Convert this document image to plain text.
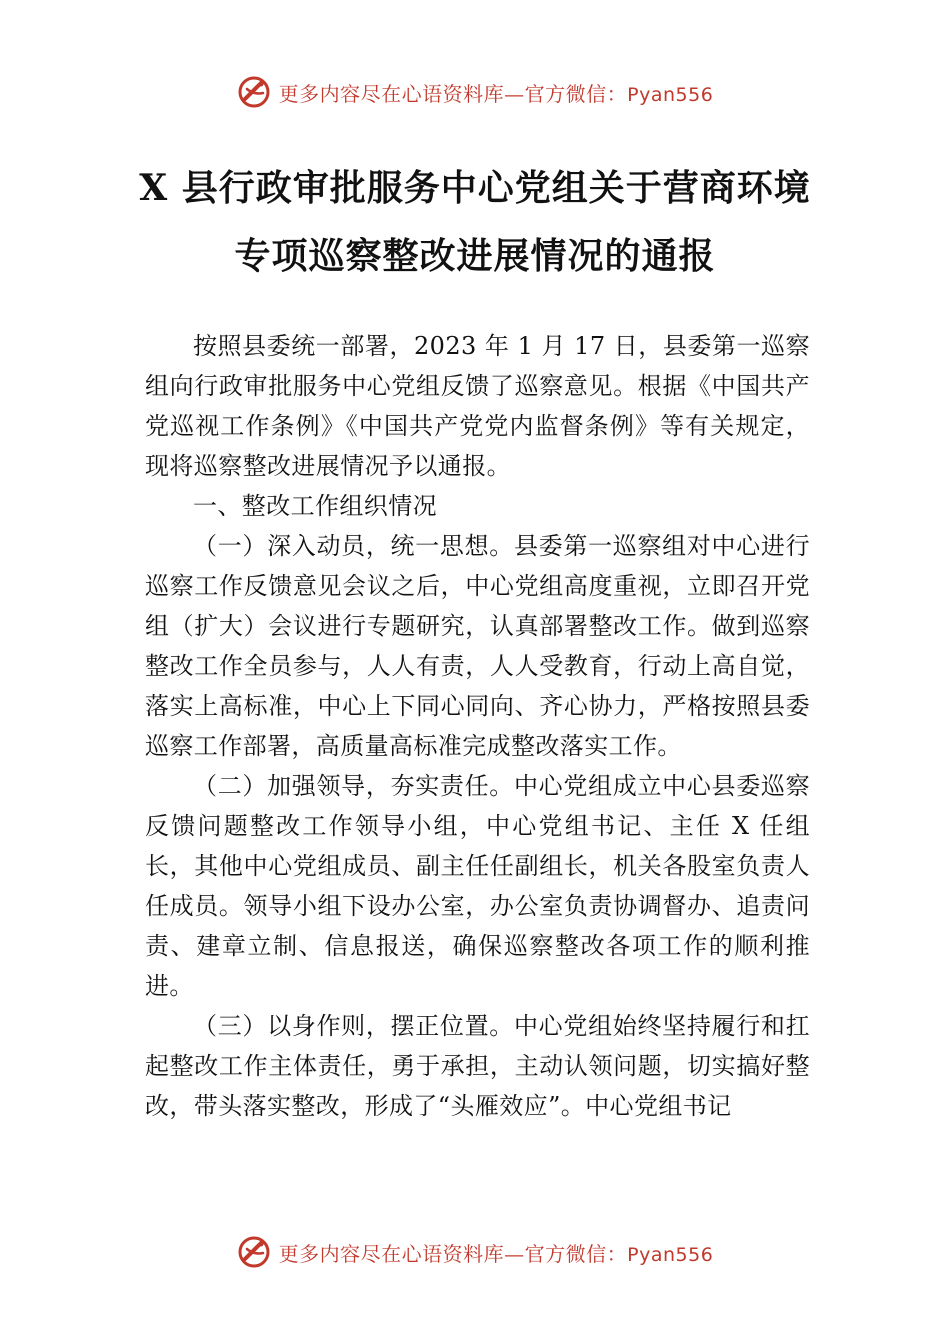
更多内容尽在心语资料库—官方微信：Pyan556
X 县行政审批服务中心党组关于营商环境
专项巡察整改进展情况的通报

按照县委统一部署，2023 年 1 月 17 日，县委第一巡察组向行政审批服务中心党组反馈了巡察意见。根据《中国共产党巡视工作条例》《中国共产党党内监督条例》等有关规定，现将巡察整改进展情况予以通报。

一、整改工作组织情况

（一）深入动员，统一思想。县委第一巡察组对中心进行巡察工作反馈意见会议之后，中心党组高度重视，立即召开党组（扩大）会议进行专题研究，认真部署整改工作。做到巡察整改工作全员参与，人人有责，人人受教育，行动上高自觉，落实上高标准，中心上下同心同向、齐心协力，严格按照县委巡察工作部署，高质量高标准完成整改落实工作。

（二）加强领导，夯实责任。中心党组成立中心县委巡察反馈问题整改工作领导小组，中心党组书记、主任 X 任组长，其他中心党组成员、副主任任副组长，机关各股室负责人任成员。领导小组下设办公室，办公室负责协调督办、追责问责、建章立制、信息报送，确保巡察整改各项工作的顺利推进。

（三）以身作则，摆正位置。中心党组始终坚持履行和扛起整改工作主体责任，勇于承担，主动认领问题，切实搞好整改，带头落实整改，形成了“头雁效应”。中心党组书记

更多内容尽在心语资料库—官方微信：Pyan556
